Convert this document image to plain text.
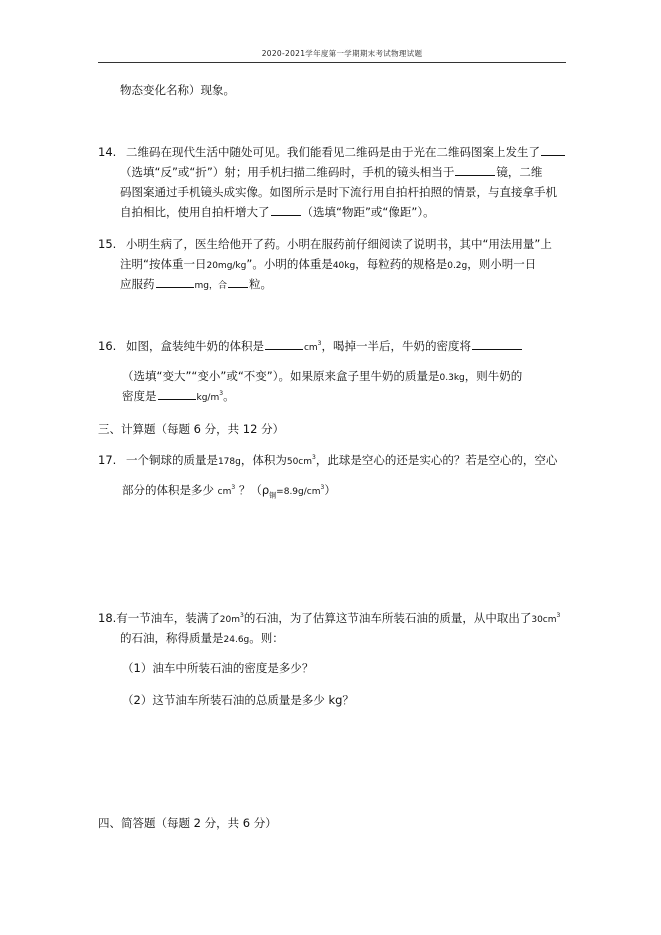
2020-2021学年度第一学期期末考试物理试题
物态变化名称）现象。
14. 二维码在现代生活中随处可见。我们能看见二维码是由于光在二维码图案上发生了
（选填“反”或“折”）射；用手机扫描二维码时，手机的镜头相当于	镜，二维
码图案通过手机镜头成实像。如图所示是时下流行用自拍杆拍照的情景，与直接拿手机
自拍相比，使用自拍杆增大了	（选填“物距”或“像距”）。
15. 小明生病了，医生给他开了药。小明在服药前仔细阅读了说明书，其中“用法用量”上
注明“按体重一日20mg/kg”。小明的体重是40kg，每粒药的规格是0.2g，则小明一日
应服药	mg，合 粒。
16. 如图，盒装纯牛奶的体积是	$cm^3$，喝掉一半后，牛奶的密度将
（选填“变大”“变小”或“不变”）。如果原来盒子里牛奶的质量是0.3kg，则牛奶的
密度是	$kg/m^3$。
三、计算题（每题 6 分，共 12 分）
17. 一个铜球的质量是178g，体积为$50cm^3$，此球是空心的还是实心的？若是空心的，空心
部分的体积是多少 $cm^3$ ？$(\rho_铜=8.9g/cm^3)$
18.有一节油车，装满了$20m^3$的石油，为了估算这节油车所装石油的质量，从中取出了$30cm^3$
的石油，称得质量是24.6g。则：
（1）油车中所装石油的密度是多少？
（2）这节油车所装石油的总质量是多少 kg？
四、简答题（每题 2 分，共 6 分）
